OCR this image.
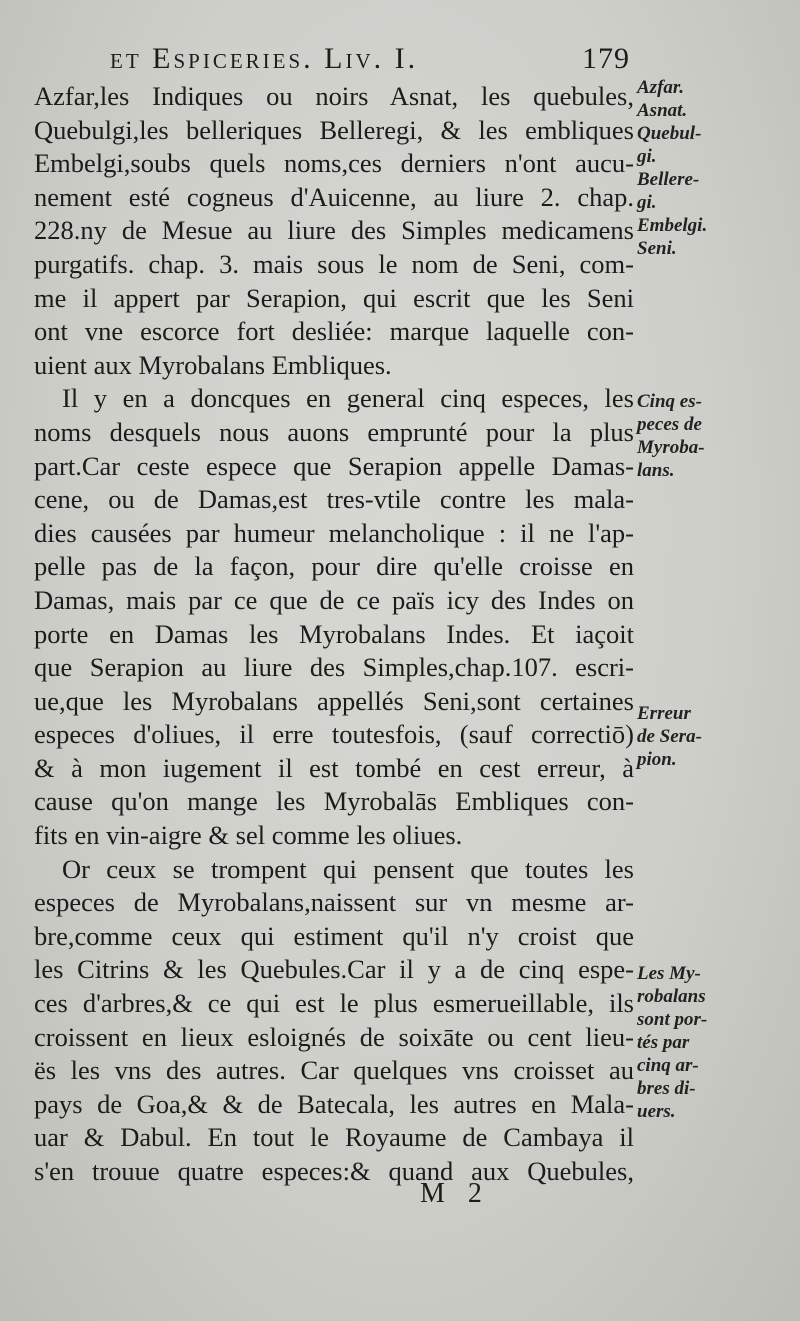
et Espiceries. Liv. I.	179
Azfar,les Indiques ou noirs Asnat, les quebules,
Quebulgi,les belleriques Belleregi, & les embliques
Embelgi,soubs quels noms,ces derniers n'ont aucu-
nement esté cogneus d'Auicenne, au liure 2. chap.
228.ny de Mesue au liure des Simples medicamens
purgatifs. chap. 3. mais sous le nom de Seni, com-
me il appert par Serapion, qui escrit que les Seni
ont vne escorce fort desliée: marque laquelle con-
uient aux Myrobalans Embliques.
Il y en a doncques en general cinq especes, les
noms desquels nous auons emprunté pour la plus
part.Car ceste espece que Serapion appelle Damas-
cene, ou de Damas,est tres-vtile contre les mala-
dies causées par humeur melancholique : il ne l'ap-
pelle pas de la façon, pour dire qu'elle croisse en
Damas, mais par ce que de ce païs icy des Indes on
porte en Damas les Myrobalans Indes. Et iaçoit
que Serapion au liure des Simples,chap.107. escri-
ue,que les Myrobalans appellés Seni,sont certaines
especes d'oliues, il erre toutesfois, (sauf correctiō)
& à mon iugement il est tombé en cest erreur, à
cause qu'on mange les Myrobalās Embliques con-
fits en vin-aigre & sel comme les oliues.
Or ceux se trompent qui pensent que toutes les
especes de Myrobalans,naissent sur vn mesme ar-
bre,comme ceux qui estiment qu'il n'y croist que
les Citrins & les Quebules.Car il y a de cinq espe-
ces d'arbres,& ce qui est le plus esmerueillable, ils
croissent en lieux esloignés de soixāte ou cent lieu-
ës les vns des autres. Car quelques vns croisset au
pays de Goa,& & de Batecala, les autres en Mala-
uar & Dabul. En tout le Royaume de Cambaya il
s'en trouue quatre especes:& quand aux Quebules,
Azfar.
Asnat.
Quebul-
gi.
Bellere-
gi.
Embelgi.
Seni.
Cinq es-
peces de
Myroba-
lans.
Erreur
de Sera-
pion.
Les My-
robalans
sont por-
tés par
cinq ar-
bres di-
uers.
M 2
